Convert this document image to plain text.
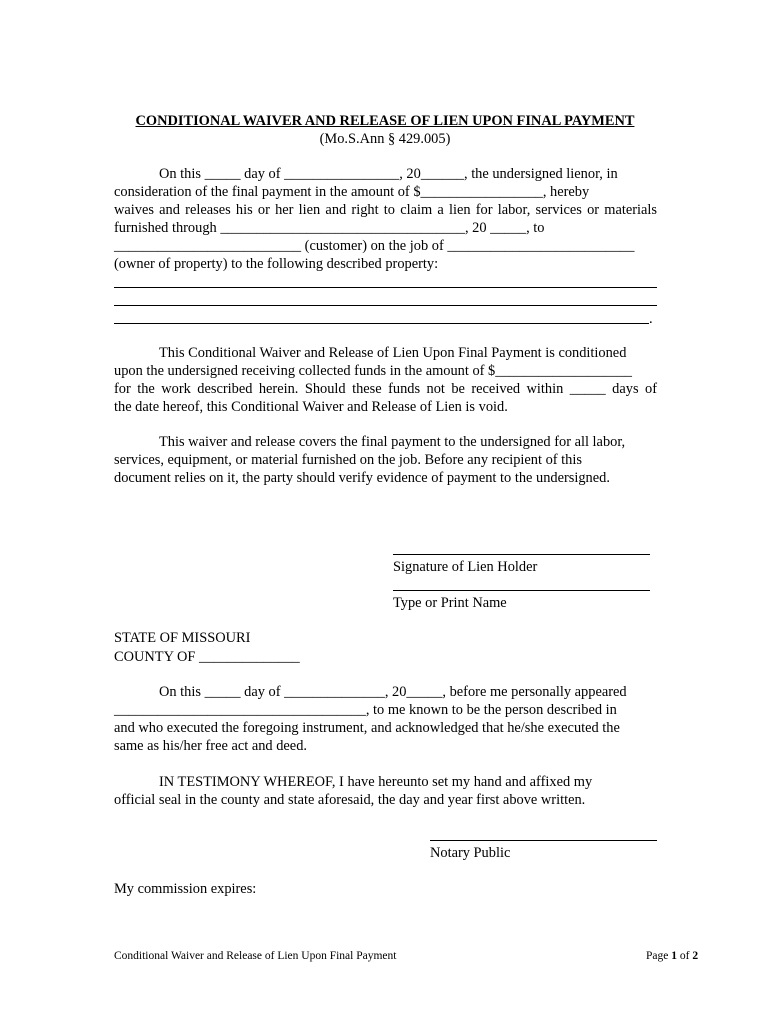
CONDITIONAL WAIVER AND RELEASE OF LIEN UPON FINAL PAYMENT
(Mo.S.Ann § 429.005)
On this _____ day of ________________, 20______, the undersigned lienor, in
consideration of the final payment in the amount of $_________________, hereby
waives and releases his or her lien and right to claim a lien for labor, services or materials
furnished through __________________________________, 20 _____, to
__________________________ (customer) on the job of __________________________
(owner of property) to the following described property:
.
This Conditional Waiver and Release of Lien Upon Final Payment is conditioned
upon the undersigned receiving collected funds in the amount of $___________________
for the work described herein. Should these funds not be received within _____ days of
the date hereof, this Conditional Waiver and Release of Lien is void.
This waiver and release covers the final payment to the undersigned for all labor,
services, equipment, or material furnished on the job. Before any recipient of this
document relies on it, the party should verify evidence of payment to the undersigned.
Signature of Lien Holder
Type or Print Name
STATE OF MISSOURI
COUNTY OF ______________
On this _____ day of ______________, 20_____, before me personally appeared
___________________________________, to me known to be the person described in
and who executed the foregoing instrument, and acknowledged that he/she executed the
same as his/her free act and deed.
IN TESTIMONY WHEREOF, I have hereunto set my hand and affixed my
official seal in the county and state aforesaid, the day and year first above written.
Notary Public
My commission expires:
Conditional Waiver and Release of Lien Upon Final Payment	Page 1 of 2
